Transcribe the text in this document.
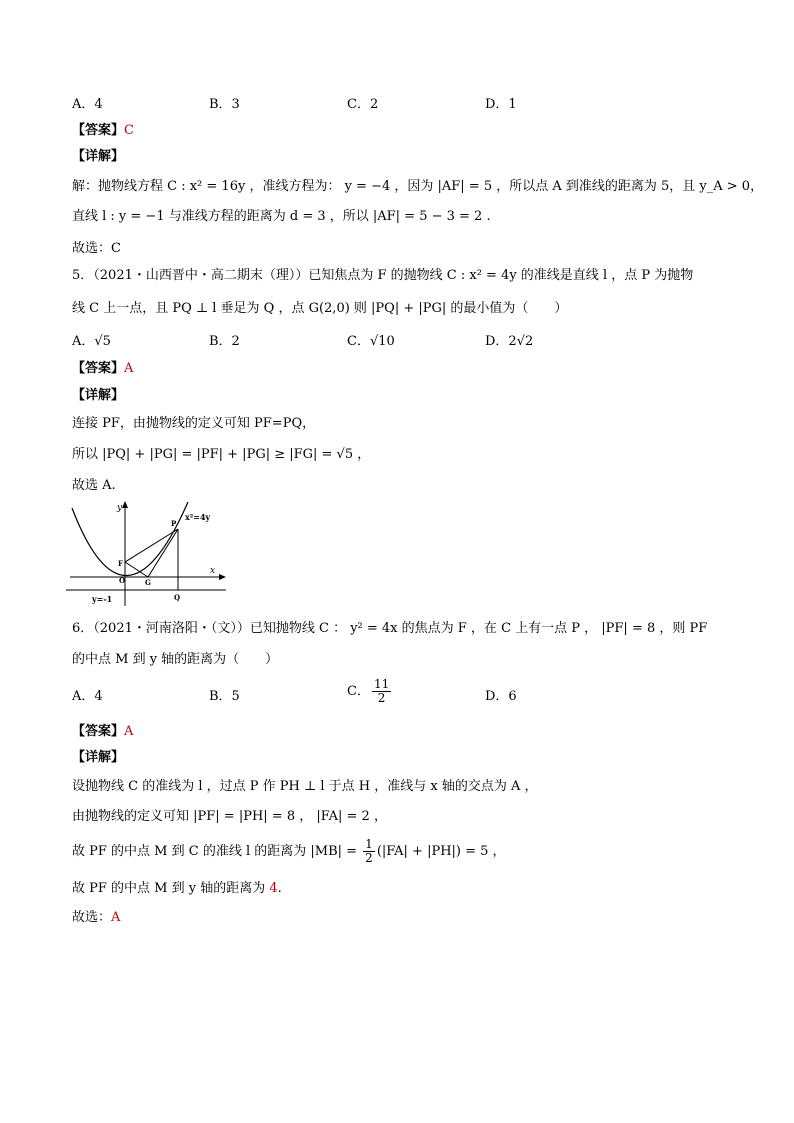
A．4	B．3	C．2	D．1
【答案】C
【详解】
解：抛物线方程 C : x² = 16y ，准线方程为： y = −4 ，因为 |AF| = 5 ，所以点 A 到准线的距离为 5，且 y_A > 0，
直线 l : y = −1 与准线方程的距离为 d = 3 ，所以 |AF| = 5 − 3 = 2 .
故选：C
5．（2021・山西晋中・高二期末（理））已知焦点为 F 的抛物线 C : x² = 4y 的准线是直线 l ，点 P 为抛物
线 C 上一点，且 PQ ⊥ l 垂足为 Q ，点 G(2,0) 则 |PQ| + |PG| 的最小值为（　　）
A．√5	B．2	C．√10	D．2√2
【答案】A
【详解】
连接 PF，由抛物线的定义可知 PF=PQ，
所以 |PQ| + |PG| = |PF| + |PG| ≥ |FG| = √5 ，
故选 A.
y
x
P
x²=4y
F
O	G
y=-1	Q
6．（2021・河南洛阳・（文））已知抛物线 C ： y² = 4x 的焦点为 F ，在 C 上有一点 P ， |PF| = 8 ，则 PF
的中点 M 到 y 轴的距离为（　　）
A．4	B．5	C． $\frac{11}{2}$	D．6
【答案】A
【详解】
设抛物线 C 的准线为 l ，过点 P 作 PH ⊥ l 于点 H ，准线与 x 轴的交点为 A ，
由抛物线的定义可知 |PF| = |PH| = 8 ， |FA| = 2 ，
故 PF 的中点 M 到 C 的准线 l 的距离为 $|MB| = \frac{1}{2} (|FA| + |PH|) = 5$ ，
故 PF 的中点 M 到 y 轴的距离为 4.
故选：A
